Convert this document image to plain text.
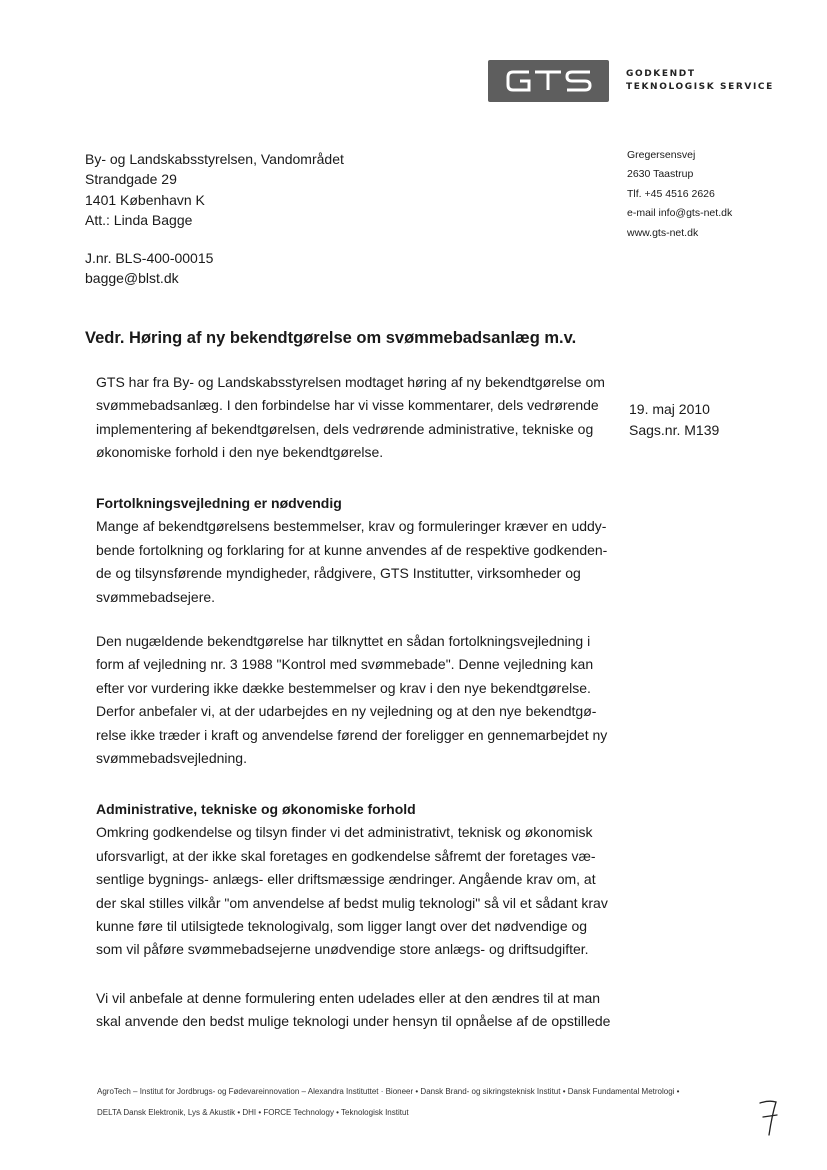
GODKENDT
TEKNOLOGISK SERVICE
By- og Landskabsstyrelsen, Vandområdet
Strandgade 29
1401 København K
Att.: Linda Bagge
J.nr. BLS-400-00015
bagge@blst.dk
Gregersensvej
2630 Taastrup
Tlf. +45 4516 2626
e-mail info@gts-net.dk
www.gts-net.dk
Vedr. Høring af ny bekendtgørelse om svømmebadsanlæg m.v.
19. maj 2010
Sags.nr. M139
GTS har fra By- og Landskabsstyrelsen modtaget høring af ny bekendtgørelse om
svømmebadsanlæg. I den forbindelse har vi visse kommentarer, dels vedrørende
implementering af bekendtgørelsen, dels vedrørende administrative, tekniske og
økonomiske forhold i den nye bekendtgørelse.
Fortolkningsvejledning er nødvendig
Mange af bekendtgørelsens bestemmelser, krav og formuleringer kræver en uddy-
bende fortolkning og forklaring for at kunne anvendes af de respektive godkenden-
de og tilsynsførende myndigheder, rådgivere, GTS Institutter, virksomheder og
svømmebadsejere.
Den nugældende bekendtgørelse har tilknyttet en sådan fortolkningsvejledning i
form af vejledning nr. 3 1988 "Kontrol med svømmebade". Denne vejledning kan
efter vor vurdering ikke dække bestemmelser og krav i den nye bekendtgørelse.
Derfor anbefaler vi, at der udarbejdes en ny vejledning og at den nye bekendtgø-
relse ikke træder i kraft og anvendelse førend der foreligger en gennemarbejdet ny
svømmebadsvejledning.
Administrative, tekniske og økonomiske forhold
Omkring godkendelse og tilsyn finder vi det administrativt, teknisk og økonomisk
uforsvarligt, at der ikke skal foretages en godkendelse såfremt der foretages væ-
sentlige bygnings- anlægs- eller driftsmæssige ændringer. Angående krav om, at
der skal stilles vilkår "om anvendelse af bedst mulig teknologi" så vil et sådant krav
kunne føre til utilsigtede teknologivalg, som ligger langt over det nødvendige og
som vil påføre svømmebadsejerne unødvendige store anlægs- og driftsudgifter.
Vi vil anbefale at denne formulering enten udelades eller at den ændres til at man
skal anvende den bedst mulige teknologi under hensyn til opnåelse af de opstillede
AgroTech – Institut for Jordbrugs- og Fødevareinnovation – Alexandra Instituttet · Bioneer • Dansk Brand- og sikringsteknisk Institut • Dansk Fundamental Metrologi •
DELTA Dansk Elektronik, Lys & Akustik • DHI • FORCE Technology • Teknologisk Institut
